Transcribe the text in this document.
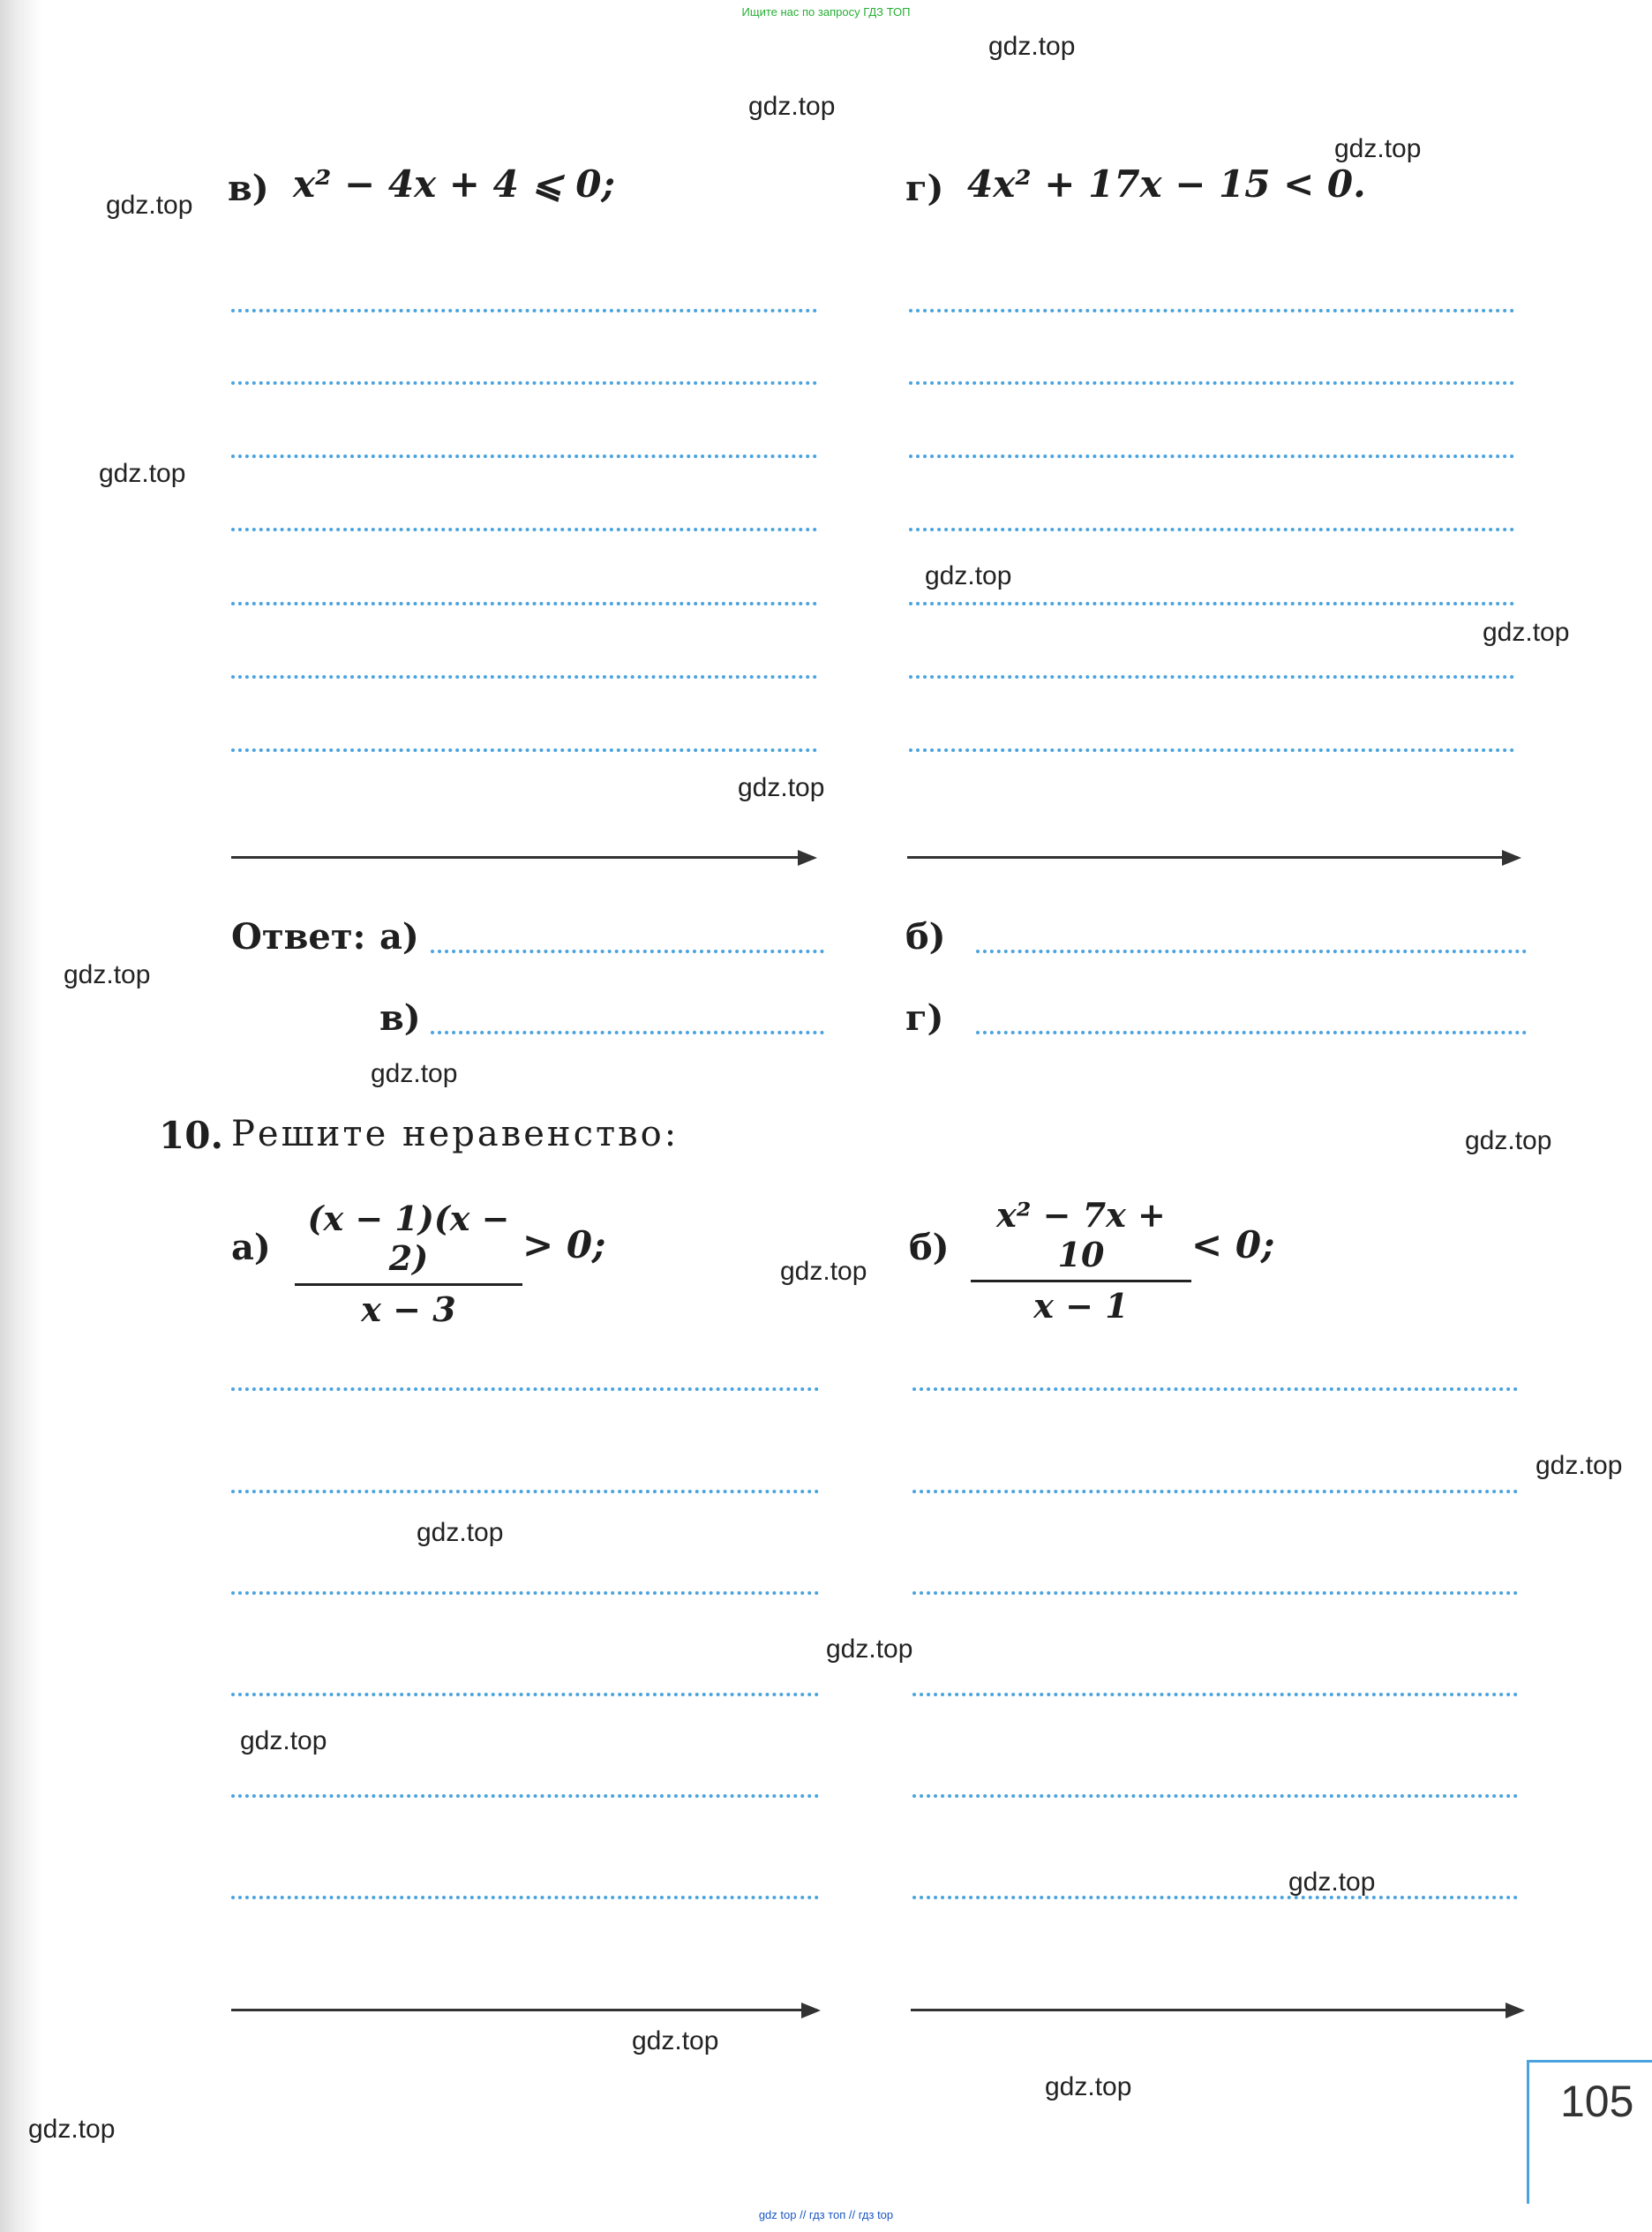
Ищите нас по запросу ГДЗ ТОП
в) x² − 4x + 4 ⩽ 0;	г) 4x² + 17x − 15 < 0.
Ответ: а)	б)
в)	г)
10. Решите неравенство:
а)
(x − 1)(x − 2)
x − 3
> 0;	б)
x² − 7x + 10
x − 1
< 0;
105
gdz.top
gdz.top
gdz.top
gdz.top
gdz.top
gdz.top
gdz.top
gdz.top
gdz.top
gdz.top
gdz.top
gdz.top
gdz.top
gdz.top
gdz.top
gdz.top
gdz.top
gdz.top
gdz.top
gdz.top
gdz top // гдз топ // гдз top
